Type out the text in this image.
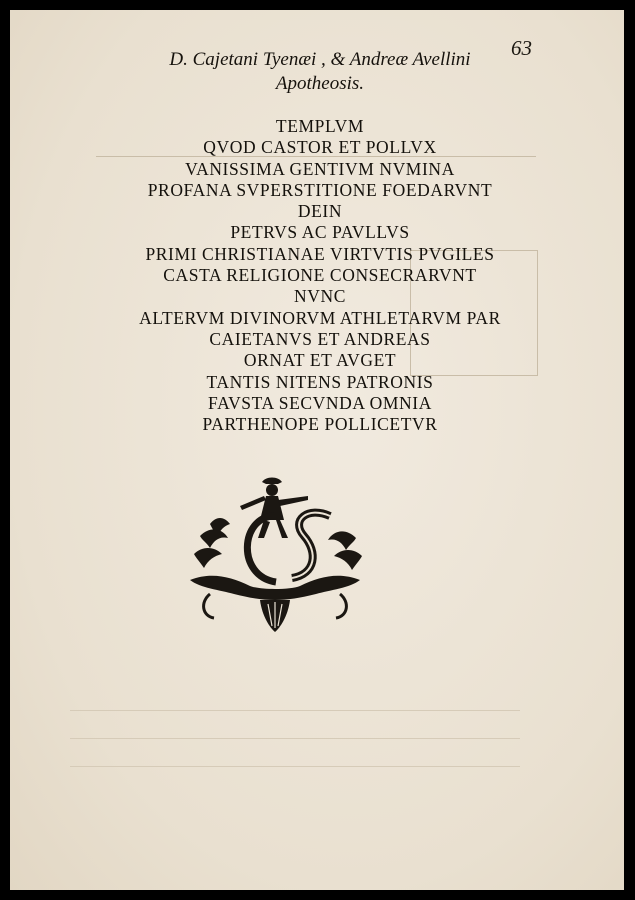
63
D. Cajetani Tyenæi , & Andreæ Avellini
Apotheosis.
TEMPLVM
QVOD CASTOR ET POLLVX
VANISSIMA GENTIVM NVMINA
PROFANA SVPERSTITIONE FOEDARVNT
DEIN
PETRVS AC PAVLLVS
PRIMI CHRISTIANAE VIRTVTIS PVGILES
CASTA RELIGIONE CONSECRARVNT
NVNC
ALTERVM DIVINORVM ATHLETARVM PAR
CAIETANVS ET ANDREAS
ORNAT ET AVGET
TANTIS NITENS PATRONIS
FAVSTA SECVNDA OMNIA
PARTHENOPE POLLICETVR
